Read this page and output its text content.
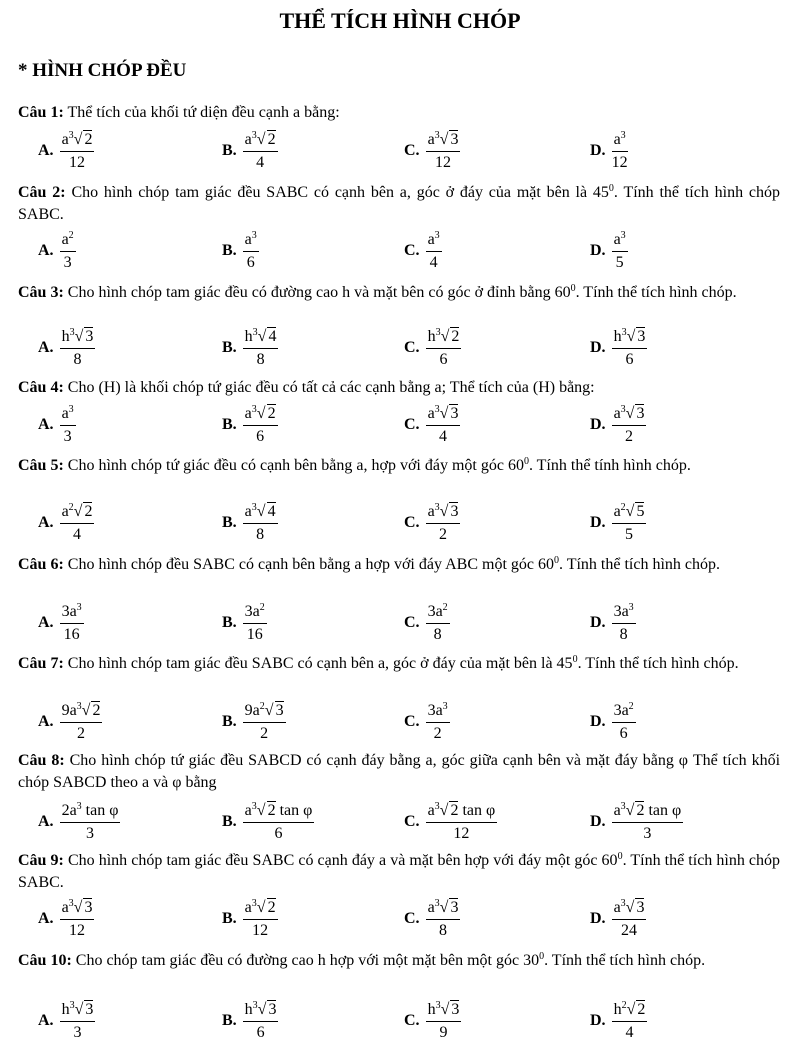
THỂ TÍCH HÌNH CHÓP
* HÌNH CHÓP ĐỀU
Câu 1: Thể tích của khối tứ diện đều cạnh a bằng:
A. $\frac{a^3√ 2}{12}$	B. $\frac{a^3√ 2}{4}$	C. $\frac{a^3√ 3}{12}$	D. $\frac{a^3}{12}$
Câu 2: Cho hình chóp tam giác đều SABC có cạnh bên a, góc ở đáy của mặt bên là $45^0$. Tính thể tích hình chóp SABC.
A. $\frac{a^2}{3}$	B. $\frac{a^3}{6}$	C. $\frac{a^3}{4}$	D. $\frac{a^3}{5}$
Câu 3: Cho hình chóp tam giác đều có đường cao h và mặt bên có góc ở đỉnh bằng $60^0$. Tính thể tích hình chóp.
A. $\frac{h^3√ 3}{8}$	B. $\frac{h^3√ 4}{8}$	C. $\frac{h^3√ 2}{6}$	D. $\frac{h^3√ 3}{6}$
Câu 4: Cho (H) là khối chóp tứ giác đều có tất cả các cạnh bằng a; Thể tích của (H) bằng:
A. $\frac{a^3}{3}$	B. $\frac{a^3√ 2}{6}$	C. $\frac{a^3√ 3}{4}$	D. $\frac{a^3√ 3}{2}$
Câu 5: Cho hình chóp tứ giác đều có cạnh bên bằng a, hợp với đáy một góc $60^0$. Tính thể tính hình chóp.
A. $\frac{a^2√ 2}{4}$	B. $\frac{a^3√ 4}{8}$	C. $\frac{a^3√ 3}{2}$	D. $\frac{a^2√ 5}{5}$
Câu 6: Cho hình chóp đều SABC có cạnh bên bằng a hợp với đáy ABC một góc $60^0$. Tính thể tích hình chóp.
A. $\frac{3a^3}{16}$	B. $\frac{3a^2}{16}$	C. $\frac{3a^2}{8}$	D. $\frac{3a^3}{8}$
Câu 7: Cho hình chóp tam giác đều SABC có cạnh bên a, góc ở đáy của mặt bên là $45^0$. Tính thể tích hình chóp.
A. $\frac{9a^3√ 2}{2}$	B. $\frac{9a^2√ 3}{2}$	C. $\frac{3a^3}{2}$	D. $\frac{3a^2}{6}$
Câu 8: Cho hình chóp tứ giác đều SABCD có cạnh đáy bằng a, góc giữa cạnh bên và mặt đáy bằng φ Thể tích khối chóp SABCD theo a và φ bằng
A. $\frac{2a^3 \tan \varphi}{3}$	B. $\frac{a^3√ 2 \tan \varphi}{6}$	C. $\frac{a^3√ 2 \tan \varphi}{12}$	D. $\frac{a^3√ 2 \tan \varphi}{3}$
Câu 9: Cho hình chóp tam giác đều SABC có cạnh đáy a và mặt bên hợp với đáy một góc $60^0$. Tính thể tích hình chóp SABC.
A. $\frac{a^3√ 3}{12}$	B. $\frac{a^3√ 2}{12}$	C. $\frac{a^3√ 3}{8}$	D. $\frac{a^3√ 3}{24}$
Câu 10: Cho chóp tam giác đều có đường cao h hợp với một mặt bên một góc $30^0$. Tính thể tích hình chóp.
A. $\frac{h^3√ 3}{3}$	B. $\frac{h^3√ 3}{6}$	C. $\frac{h^3√ 3}{9}$	D. $\frac{h^2√ 2}{4}$
